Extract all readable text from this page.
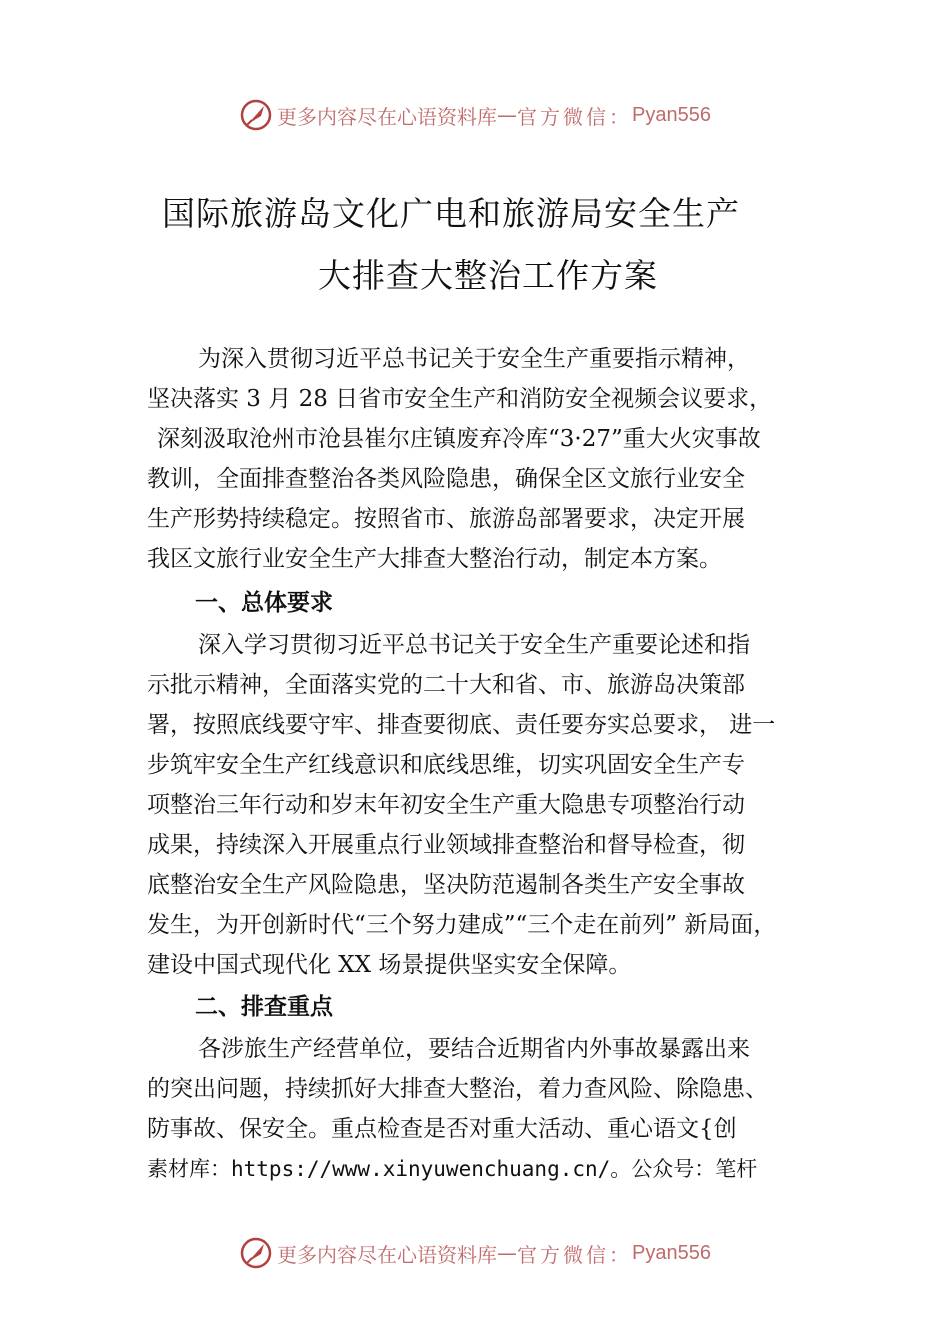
更多内容尽在心语资料库 — 官方微信： Pyan556
国际旅游岛文化广电和旅游局安全生产
大排查大整治工作方案
为深入贯彻习近平总书记关于安全生产重要指示精神，
坚决落实 3 月 28 日省市安全生产和消防安全视频会议要求，
深刻汲取沧州市沧县崔尔庄镇废弃冷库“3·27”重大火灾事故
教训，全面排查整治各类风险隐患，确保全区文旅行业安全
生产形势持续稳定。按照省市、旅游岛部署要求，决定开展
我区文旅行业安全生产大排查大整治行动，制定本方案。
一、总体要求
深入学习贯彻习近平总书记关于安全生产重要论述和指
示批示精神，全面落实党的二十大和省、市、旅游岛决策部
署，按照底线要守牢、排查要彻底、责任要夯实总要求， 进一
步筑牢安全生产红线意识和底线思维，切实巩固安全生产专
项整治三年行动和岁末年初安全生产重大隐患专项整治行动
成果，持续深入开展重点行业领域排查整治和督导检查，彻
底整治安全生产风险隐患，坚决防范遏制各类生产安全事故
发生，为开创新时代“三个努力建成”“三个走在前列” 新局面，
建设中国式现代化 XX 场景提供坚实安全保障。
二、排查重点
各涉旅生产经营单位，要结合近期省内外事故暴露出来
的突出问题，持续抓好大排查大整治，着力查风险、除隐患、
防事故、保安全。重点检查是否对重大活动、重心语文{创
素材库：https://www.xinyuwenchuang.cn/。公众号：笔杆
更多内容尽在心语资料库 — 官方微信： Pyan556
